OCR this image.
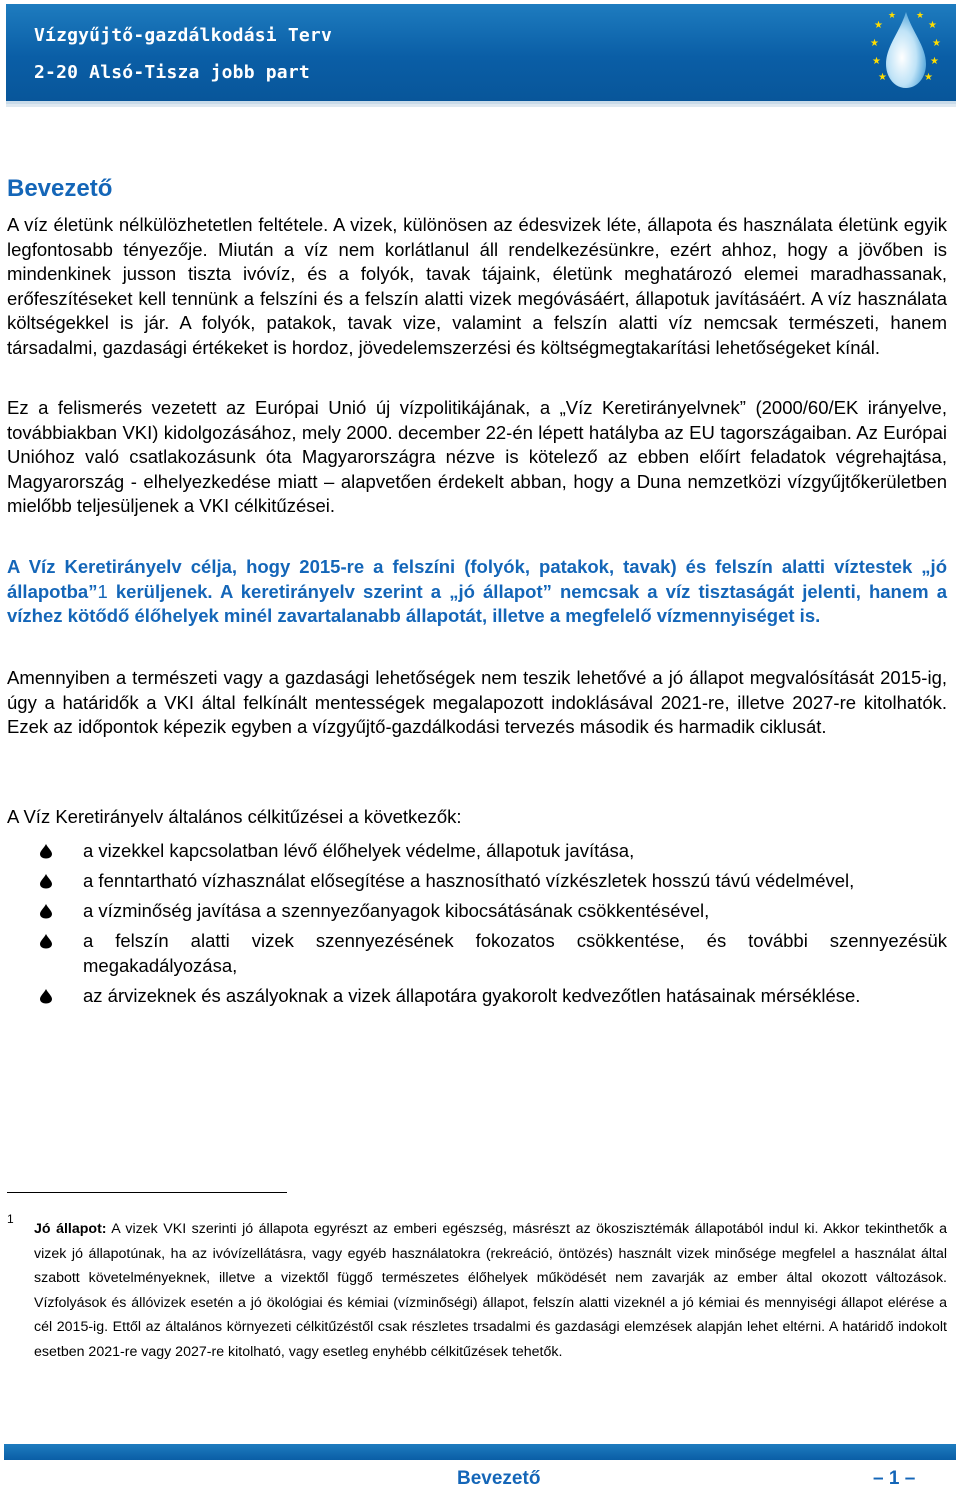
Vízgyűjtő-gazdálkodási Terv
2-20 Alsó-Tisza jobb part
★
★
★
★
★
★
★
★
★ ★
Bevezető
A víz életünk nélkülözhetetlen feltétele. A vizek, különösen az édesvizek léte, állapota és használata életünk egyik legfontosabb tényezője. Miután a víz nem korlátlanul áll rendelkezésünkre, ezért ahhoz, hogy a jövőben is mindenkinek jusson tiszta ivóvíz, és a folyók, tavak tájaink, életünk meghatározó elemei maradhassanak, erőfeszítéseket kell tennünk a felszíni és a felszín alatti vizek megóvásáért, állapotuk javításáért. A víz használata költségekkel is jár. A folyók, patakok, tavak vize, valamint a felszín alatti víz nemcsak természeti, hanem társadalmi, gazdasági értékeket is hordoz, jövedelemszerzési és költségmegtakarítási lehetőségeket kínál.
Ez a felismerés vezetett az Európai Unió új vízpolitikájának, a „Víz Keretirányelvnek” (2000/60/EK irányelve, továbbiakban VKI) kidolgozásához, mely 2000. december 22-én lépett hatályba az EU tagországaiban. Az Európai Unióhoz való csatlakozásunk óta Magyarországra nézve is kötelező az ebben előírt feladatok végrehajtása, Magyarország - elhelyezkedése miatt – alapvetően érdekelt abban, hogy a Duna nemzetközi vízgyűjtőkerületben mielőbb teljesüljenek a VKI célkitűzései.
A Víz Keretirányelv célja, hogy 2015-re a felszíni (folyók, patakok, tavak) és felszín alatti víztestek „jó állapotba”1 kerüljenek. A keretirányelv szerint a „jó állapot” nemcsak a víz tisztaságát jelenti, hanem a vízhez kötődő élőhelyek minél zavartalanabb állapotát, illetve a megfelelő vízmennyiséget is.
Amennyiben a természeti vagy a gazdasági lehetőségek nem teszik lehetővé a jó állapot megvalósítását 2015-ig, úgy a határidők a VKI által felkínált mentességek megalapozott indoklásával 2021-re, illetve 2027-re kitolhatók. Ezek az időpontok képezik egyben a vízgyűjtő-gazdálkodási tervezés második és harmadik ciklusát.
A Víz Keretirányelv általános célkitűzései a következők:
a vizekkel kapcsolatban lévő élőhelyek védelme, állapotuk javítása,
a fenntartható vízhasználat elősegítése a hasznosítható vízkészletek hosszú távú védelmével,
a vízminőség javítása a szennyezőanyagok kibocsátásának csökkentésével,
a felszín alatti vizek szennyezésének fokozatos csökkentése, és további szennyezésük megakadályozása,
az árvizeknek és aszályoknak a vizek állapotára gyakorolt kedvezőtlen hatásainak mérséklése.
1
Jó állapot: A vizek VKI szerinti jó állapota egyrészt az emberi egészség, másrészt az ökoszisztémák állapotából indul ki. Akkor tekinthetők a vizek jó állapotúnak, ha az ivóvízellátásra, vagy egyéb használatokra (rekreáció, öntözés) használt vizek minősége megfelel a használat által szabott követelményeknek, illetve a vizektől függő természetes élőhelyek működését nem zavarják az ember által okozott változások. Vízfolyások és állóvizek esetén a jó ökológiai és kémiai (vízminőségi) állapot, felszín alatti vizeknél a jó kémiai és mennyiségi állapot elérése a cél 2015-ig. Ettől az általános környezeti célkitűzéstől csak részletes trsadalmi és gazdasági elemzések alapján lehet eltérni. A határidő indokolt esetben 2021-re vagy 2027-re kitolható, vagy esetleg enyhébb célkitűzések tehetők.
Bevezető	– 1 –
